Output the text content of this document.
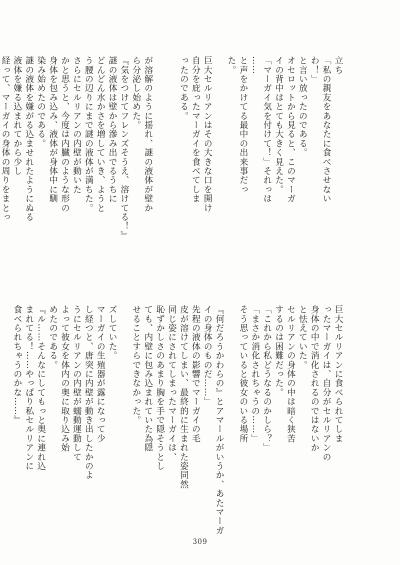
立ち
「私の親友をあなたに食べさせない
わ！」
と言い放ったのである。
オセロットから見ると、このマーガ
イの背中はとても大きく見えた。
「マーガイ気を付けて！」それっは
……
と声をかけてる最中の出来事だっ
た。
巨大セルリアンはその大きな口を開け
自分を庇ったマーガイを食べてしま
ったのである。
が溶解のように揺れ、謎の液体が壁か
ら分泌し始めた。
『気をつけてフレンズそうえ、溶けてる！』
謎の液体は壁から滲み出でるうちに
どんどん水かさを増していき、ようと
う腰の辺りにまで謎の液体が満ちた。
さらにセルリアンの内壁が動いた
かと思うと、今度は内臓のような形の
身体を包み込み、液体が身体中に馴
染み始めたのである。
謎の液体を嫌がる込ませれたようにぬる
液体を嫌る込まれてから少し
経って、マーガイの身体の周りをまとっ
巨大セルリアンに食べられてしま
ったマーガイは、自分がセルリアンの
身体の中で消化されるのではないか
と怯えていた。
セルリアンの身体の中は暗く狭苦
するのは困難だった。
「これから私どうなるのかしら？」
「まさか消化されちゃうの……」
そう思っていると彼女のいる場所
『何だろうかわらの』とアマールがいうか、あたマーガ
イの身体のものだ……」
先程の液体の影響でマーガイの毛
皮が溶けてしまい、最終的に生まれた姿同然
同じ姿にされてしまったマーガイは、
恥ずかしさのあまり胸を手で隠そうとし
ても、内壁に包み込まれていた為隠
せることすらできなかった。
ズしていた。
マーガイの生殖器が露になって少
し経つと、唐突に内壁が動き出したかのよ
うにセルリアンの内壁が蠕動運動して
よって彼女を体内の奥に取り込み始
めたのである。
『ル……そんなにしてもっと奥に連れ込
まれてる！……やっぱり私セルリアンに
食べられちゃうのかな……』
309
